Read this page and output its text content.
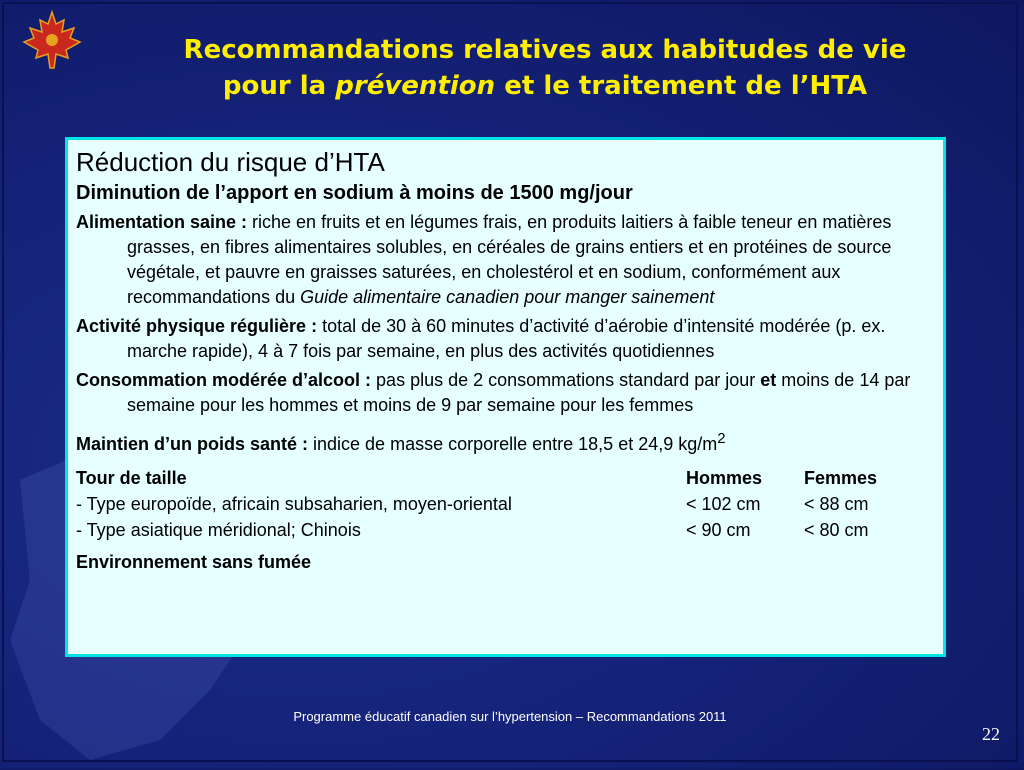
Recommandations relatives aux habitudes de vie
pour la prévention et le traitement de l’HTA
Réduction du risque d’HTA
Diminution de l’apport en sodium à moins de 1500 mg/jour

Alimentation saine : riche en fruits et en légumes frais, en produits laitiers à faible teneur en matières grasses, en fibres alimentaires solubles, en céréales de grains entiers et en protéines de source végétale, et pauvre en graisses saturées, en cholestérol et en sodium, conformément aux recommandations du Guide alimentaire canadien pour manger sainement

Activité physique régulière : total de 30 à 60 minutes d’activité d’aérobie d’intensité modérée (p. ex. marche rapide), 4 à 7 fois par semaine, en plus des activités quotidiennes

Consommation modérée d’alcool : pas plus de 2 consommations standard par jour et moins de 14 par semaine pour les hommes et moins de 9 par semaine pour les femmes

Maintien d’un poids santé : indice de masse corporelle entre 18,5 et 24,9 $kg/m^2$

Tour de taille	Hommes	Femmes
- Type europoïde, africain subsaharien, moyen-oriental	< 102 cm	< 88 cm
- Type asiatique méridional; Chinois	< 90 cm	< 80 cm
Environnement sans fumée
Programme éducatif canadien sur l’hypertension – Recommandations 2011
22
